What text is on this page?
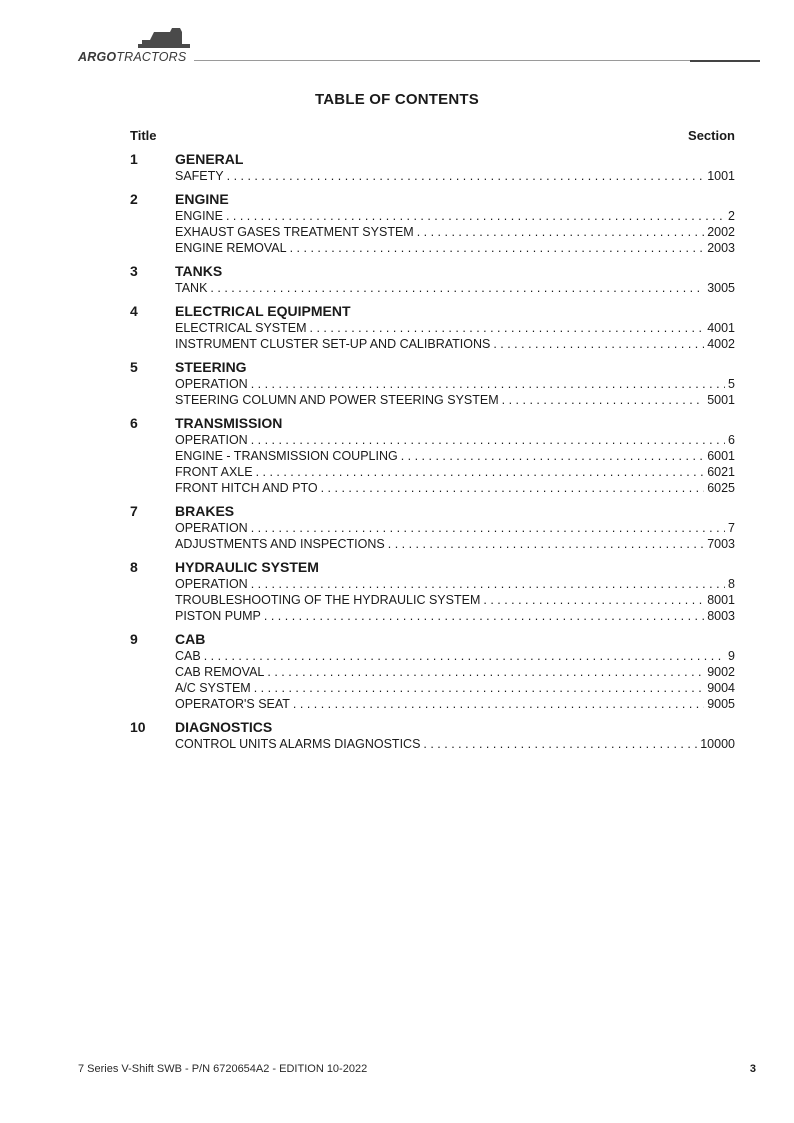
ARGOTRACTORS
TABLE OF CONTENTS
Title	Section
1	GENERAL
SAFETY . . .	1001
2	ENGINE
ENGINE . . .	2
EXHAUST GASES TREATMENT SYSTEM . . .	2002
ENGINE REMOVAL . . .	2003
3	TANKS
TANK . . .	3005
4	ELECTRICAL EQUIPMENT
ELECTRICAL SYSTEM . . .	4001
INSTRUMENT CLUSTER SET-UP AND CALIBRATIONS . . .	4002
5	STEERING
OPERATION . . .	5
STEERING COLUMN AND POWER STEERING SYSTEM . . .	5001
6	TRANSMISSION
OPERATION . . .	6
ENGINE - TRANSMISSION COUPLING . . .	6001
FRONT AXLE . . .	6021
FRONT HITCH AND PTO . . .	6025
7	BRAKES
OPERATION . . .	7
ADJUSTMENTS AND INSPECTIONS . . .	7003
8	HYDRAULIC SYSTEM
OPERATION . . .	8
TROUBLESHOOTING OF THE HYDRAULIC SYSTEM . . .	8001
PISTON PUMP . . .	8003
9	CAB
CAB . . .	9
CAB REMOVAL . . .	9002
A/C SYSTEM . . .	9004
OPERATOR'S SEAT . . .	9005
10 DIAGNOSTICS
CONTROL UNITS ALARMS DIAGNOSTICS . . .	10000
7 Series V-Shift SWB - P/N 6720654A2 - EDITION 10-2022	3
